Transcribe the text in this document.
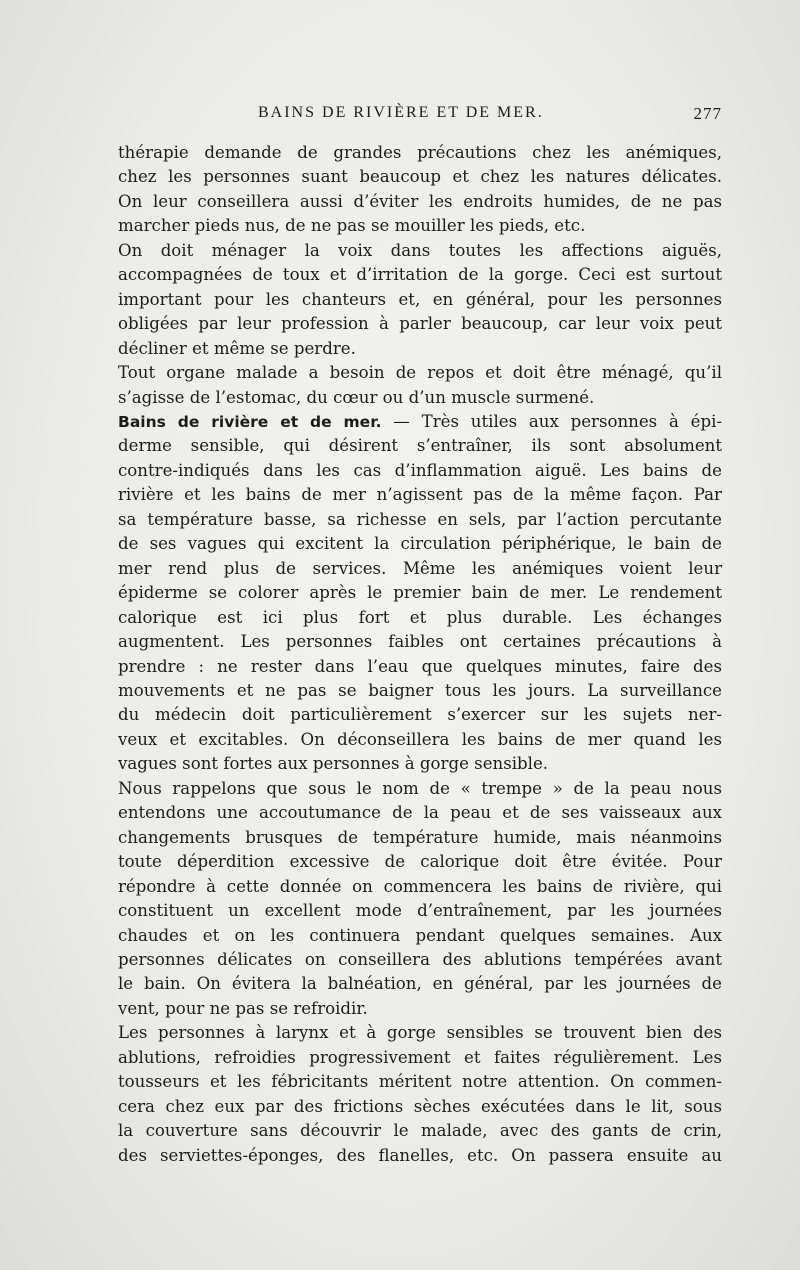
BAINS DE RIVIÈRE ET DE MER.	277

thérapie demande de grandes précautions chez les anémiques,

chez les personnes suant beaucoup et chez les natures délicates.

On leur conseillera aussi d’éviter les endroits humides, de ne pas

marcher pieds nus, de ne pas se mouiller les pieds, etc.

On doit ménager la voix dans toutes les affections aiguës,

accompagnées de toux et d’irritation de la gorge. Ceci est surtout

important pour les chanteurs et, en général, pour les personnes

obligées par leur profession à parler beaucoup, car leur voix peut

décliner et même se perdre.

Tout organe malade a besoin de repos et doit être ménagé, qu’il

s’agisse de l’estomac, du cœur ou d’un muscle surmené.

Bains de rivière et de mer. — Très utiles aux personnes à épi-

derme sensible, qui désirent s’entraîner, ils sont absolument

contre-indiqués dans les cas d’inflammation aiguë. Les bains de

rivière et les bains de mer n’agissent pas de la même façon. Par

sa température basse, sa richesse en sels, par l’action percutante

de ses vagues qui excitent la circulation périphérique, le bain de

mer rend plus de services. Même les anémiques voient leur

épiderme se colorer après le premier bain de mer. Le rendement

calorique est ici plus fort et plus durable. Les échanges

augmentent. Les personnes faibles ont certaines précautions à

prendre : ne rester dans l’eau que quelques minutes, faire des

mouvements et ne pas se baigner tous les jours. La surveillance

du médecin doit particulièrement s’exercer sur les sujets ner-

veux et excitables. On déconseillera les bains de mer quand les

vagues sont fortes aux personnes à gorge sensible.

Nous rappelons que sous le nom de « trempe » de la peau nous

entendons une accoutumance de la peau et de ses vaisseaux aux

changements brusques de température humide, mais néanmoins

toute déperdition excessive de calorique doit être évitée. Pour

répondre à cette donnée on commencera les bains de rivière, qui

constituent un excellent mode d’entraînement, par les journées

chaudes et on les continuera pendant quelques semaines. Aux

personnes délicates on conseillera des ablutions tempérées avant

le bain. On évitera la balnéation, en général, par les journées de

vent, pour ne pas se refroidir.

Les personnes à larynx et à gorge sensibles se trouvent bien des

ablutions, refroidies progressivement et faites régulièrement. Les

tousseurs et les fébricitants méritent notre attention. On commen-

cera chez eux par des frictions sèches exécutées dans le lit, sous

la couverture sans découvrir le malade, avec des gants de crin,

des serviettes-éponges, des flanelles, etc. On passera ensuite au
